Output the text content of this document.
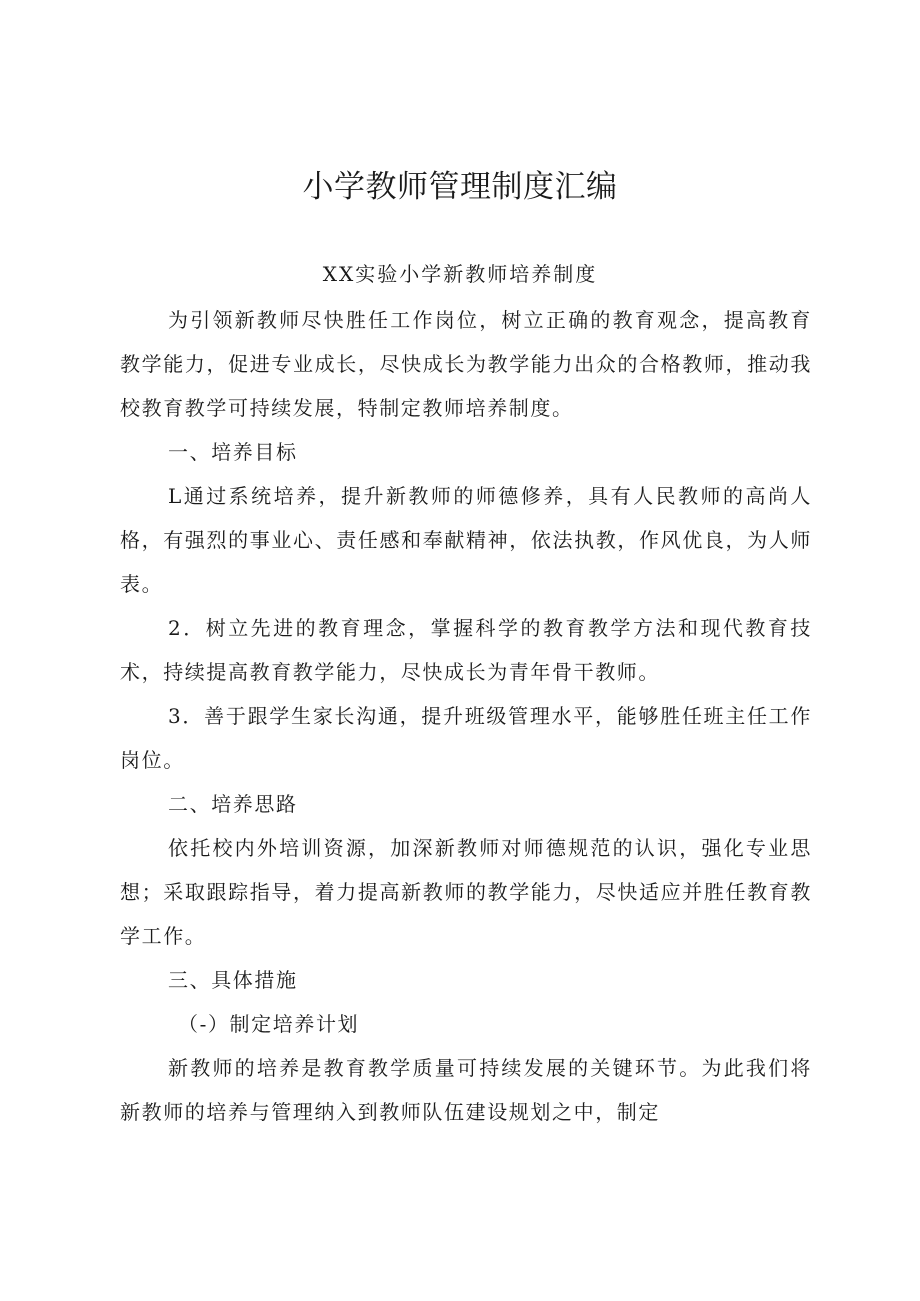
小学教师管理制度汇编
XX实验小学新教师培养制度

为引领新教师尽快胜任工作岗位，树立正确的教育观念，提高教育教学能力，促进专业成长，尽快成长为教学能力出众的合格教师，推动我校教育教学可持续发展，特制定教师培养制度。

一、培养目标

L通过系统培养，提升新教师的师德修养，具有人民教师的高尚人格，有强烈的事业心、责任感和奉献精神，依法执教，作风优良，为人师表。

2．树立先进的教育理念，掌握科学的教育教学方法和现代教育技术，持续提高教育教学能力，尽快成长为青年骨干教师。

3．善于跟学生家长沟通，提升班级管理水平，能够胜任班主任工作岗位。

二、培养思路

依托校内外培训资源，加深新教师对师德规范的认识，强化专业思想；采取跟踪指导，着力提高新教师的教学能力，尽快适应并胜任教育教学工作。

三、具体措施

（-）制定培养计划

新教师的培养是教育教学质量可持续发展的关键环节。为此我们将新教师的培养与管理纳入到教师队伍建设规划之中，制定
